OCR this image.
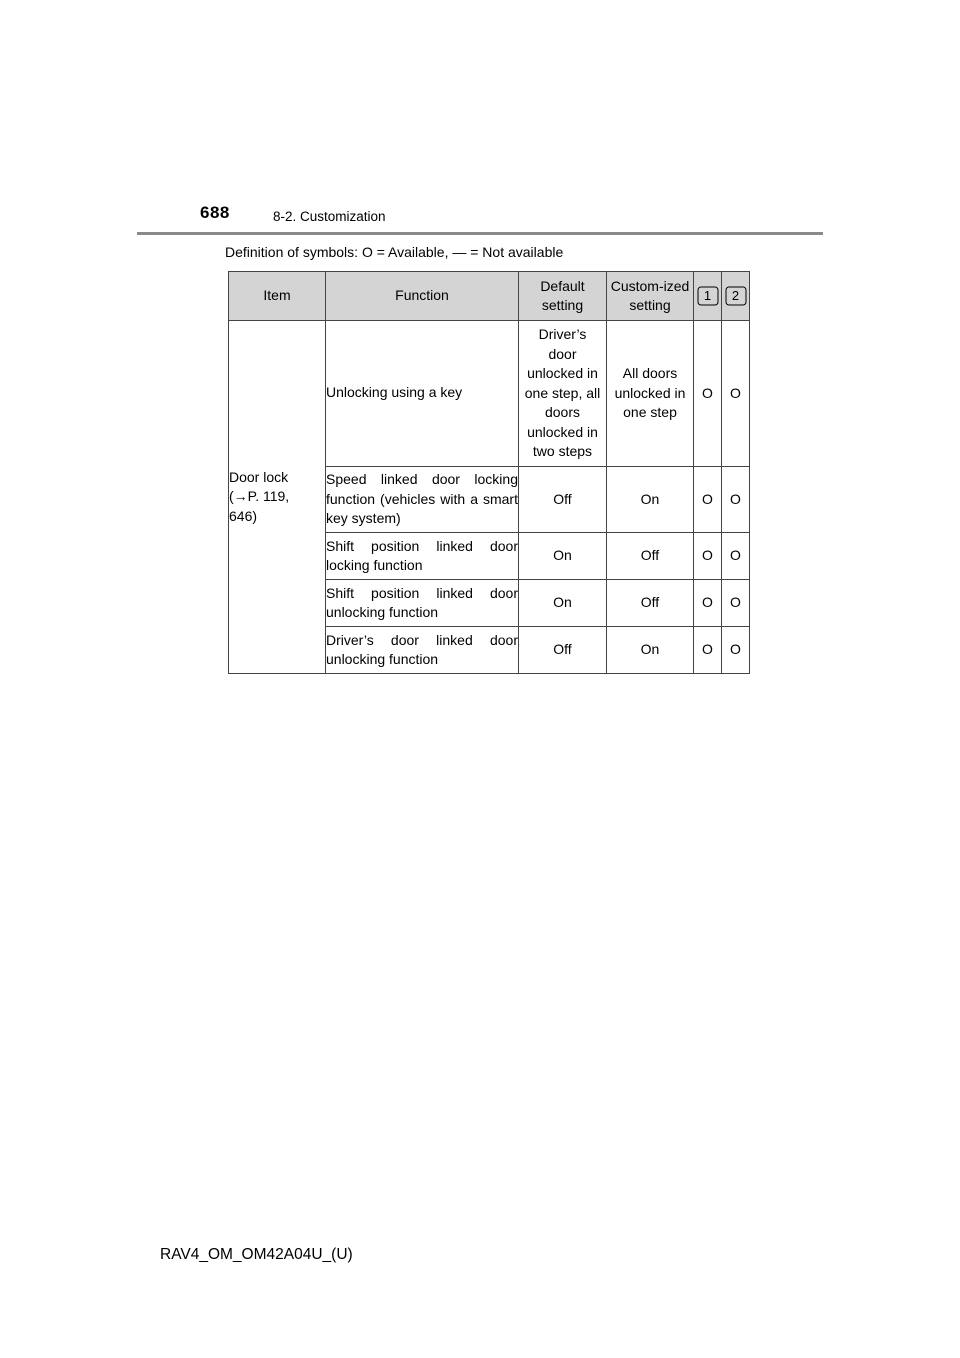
688	8-2. Customization
Definition of symbols: O = Available, — = Not available
Item	Function	Default setting	Custom-ized setting	1	2

Door lock
(→P. 119,
646)	Unlocking using a key	Driver’s door unlocked in one step, all doors unlocked in two steps	All doors unlocked in one step	O	O
	Speed linked door locking function (vehicles with a smart key system)	Off	On	O	O
	Shift position linked door locking function	On	Off	O	O
	Shift position linked door unlocking function	On	Off	O	O
	Driver’s door linked door unlocking function	Off	On	O	O
RAV4_OM_OM42A04U_(U)
